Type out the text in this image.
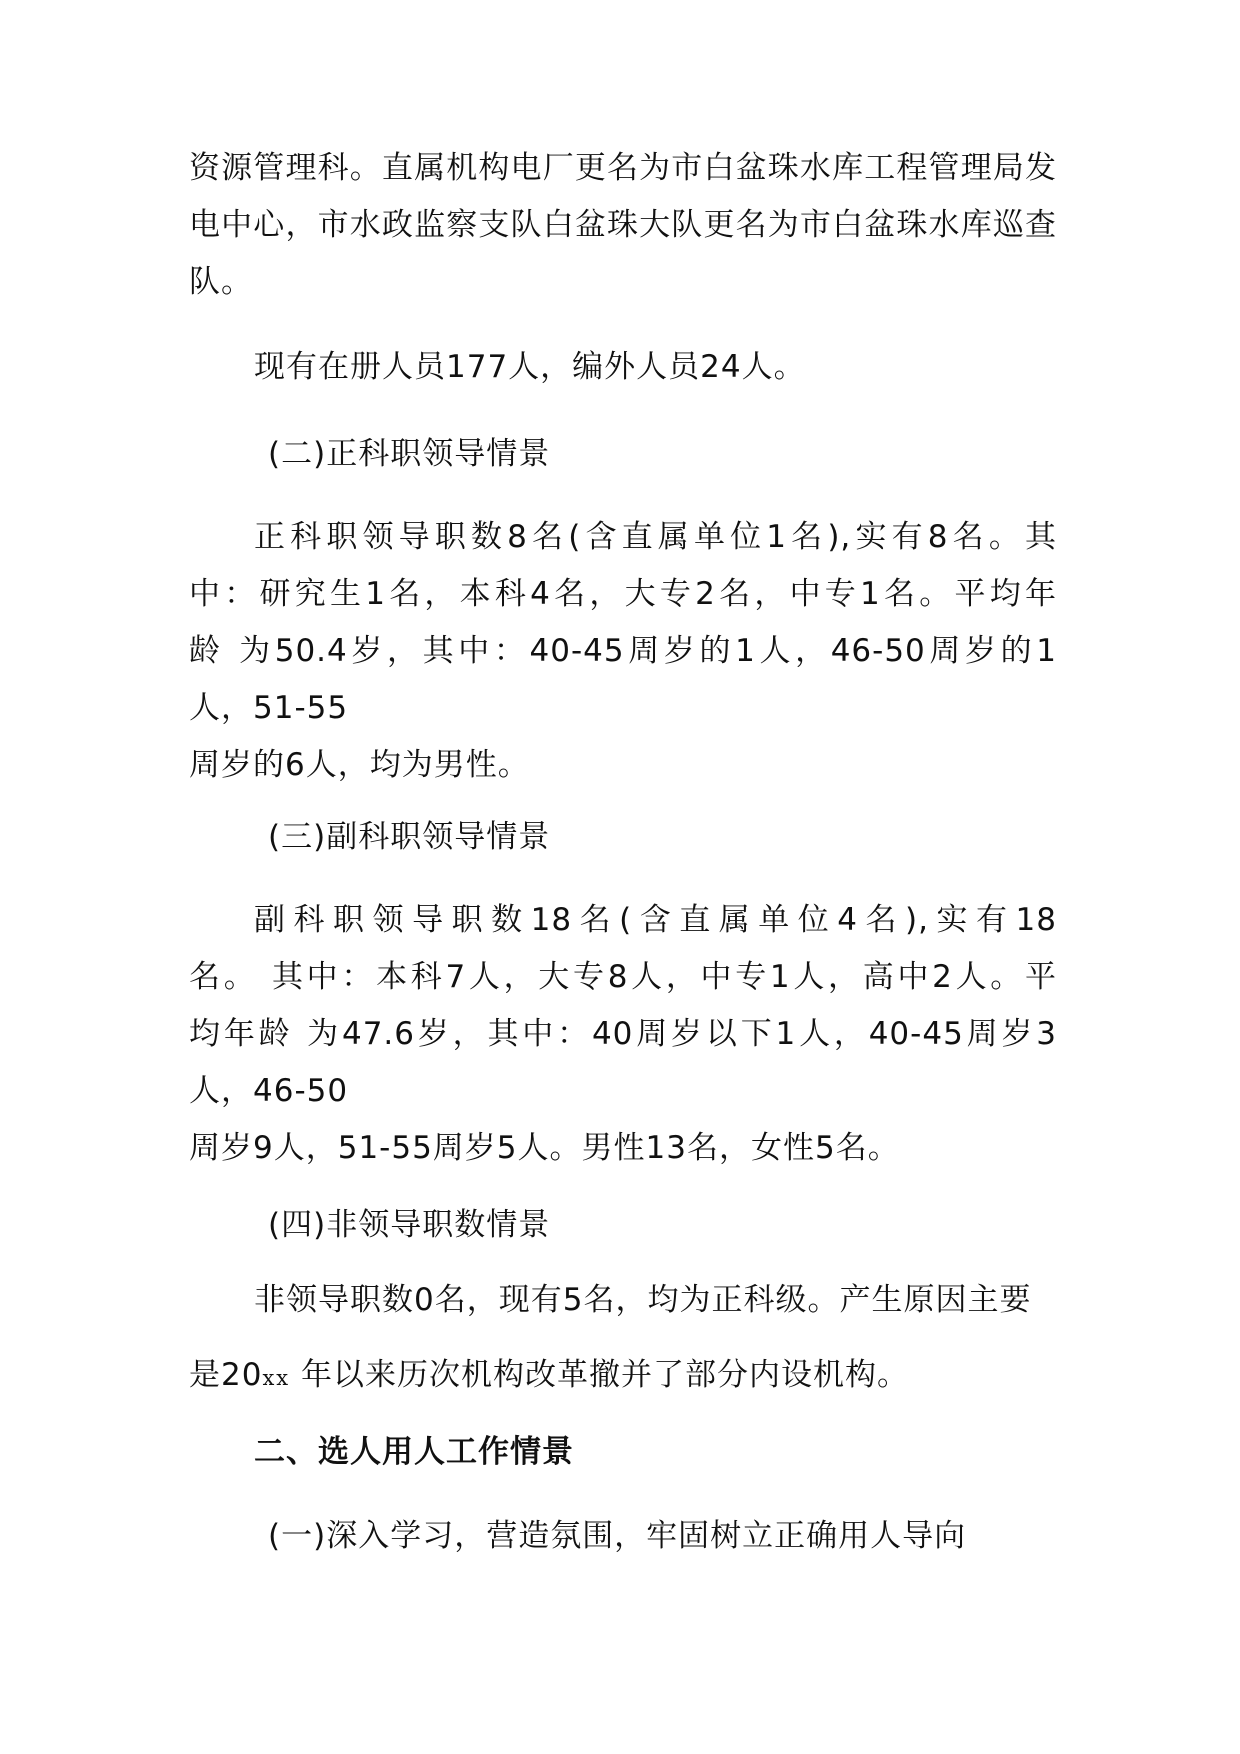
资源管理科。直属机构电厂更名为市白盆珠水库工程管理局发
电中心，市水政监察支队白盆珠大队更名为市白盆珠水库巡查
队。
现有在册人员177人，编外人员24人。
(二)正科职领导情景
正科职领导职数8名(含直属单位1名),实有8名。其
中：研究生1名，本科4名，大专2名，中专1名。平均年
龄 为50.4岁，其中：40-45周岁的1人，46-50周岁的1
人，51-55
周岁的6人，均为男性。
(三)副科职领导情景
副科职领导职数18名(含直属单位4名),实有18
名。 其中：本科7人，大专8人，中专1人，高中2人。平
均年龄 为47.6岁，其中：40周岁以下1人，40-45周岁3
人，46-50
周岁9人，51-55周岁5人。男性13名，女性5名。
(四)非领导职数情景
非领导职数0名，现有5名，均为正科级。产生原因主要
是20xx 年以来历次机构改革撤并了部分内设机构。
二、选人用人工作情景
(一)深入学习，营造氛围，牢固树立正确用人导向
